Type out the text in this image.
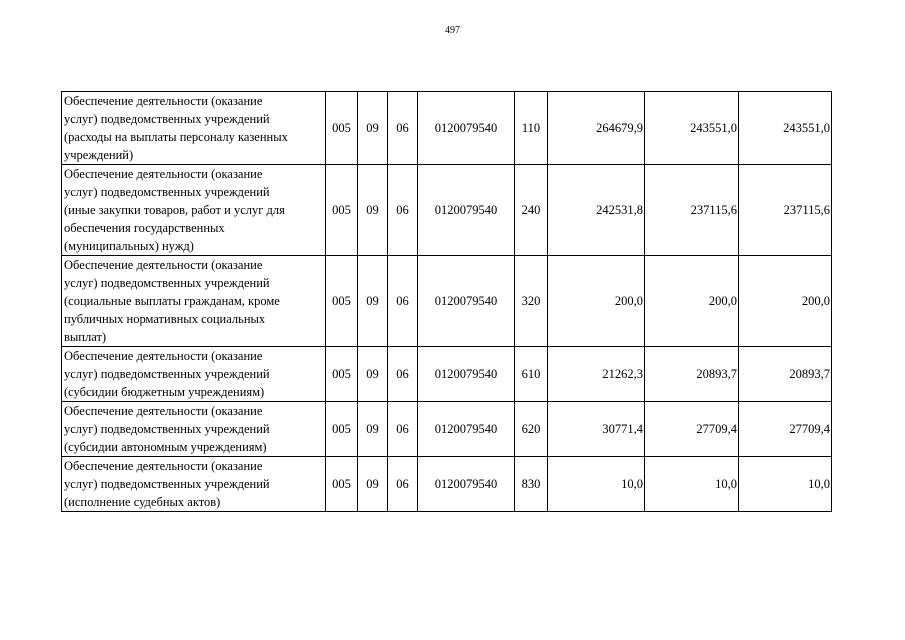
497
Обеспечение деятельности (оказание
услуг) подведомственных учреждений
(расходы на выплаты персоналу казенных
учреждений)	005	09	06	0120079540	110	264679,9	243551,0	243551,0

Обеспечение деятельности (оказание
услуг) подведомственных учреждений
(иные закупки товаров, работ и услуг для
обеспечения государственных
(муниципальных) нужд)	005	09	06	0120079540	240	242531,8	237115,6	237115,6

Обеспечение деятельности (оказание
услуг) подведомственных учреждений
(социальные выплаты гражданам, кроме
публичных нормативных социальных
выплат)	005	09	06	0120079540	320	200,0	200,0	200,0

Обеспечение деятельности (оказание
услуг) подведомственных учреждений
(субсидии бюджетным учреждениям)	005	09	06	0120079540	610	21262,3	20893,7	20893,7

Обеспечение деятельности (оказание
услуг) подведомственных учреждений
(субсидии автономным учреждениям)	005	09	06	0120079540	620	30771,4	27709,4	27709,4

Обеспечение деятельности (оказание
услуг) подведомственных учреждений
(исполнение судебных актов)	005	09	06	0120079540	830	10,0	10,0	10,0
